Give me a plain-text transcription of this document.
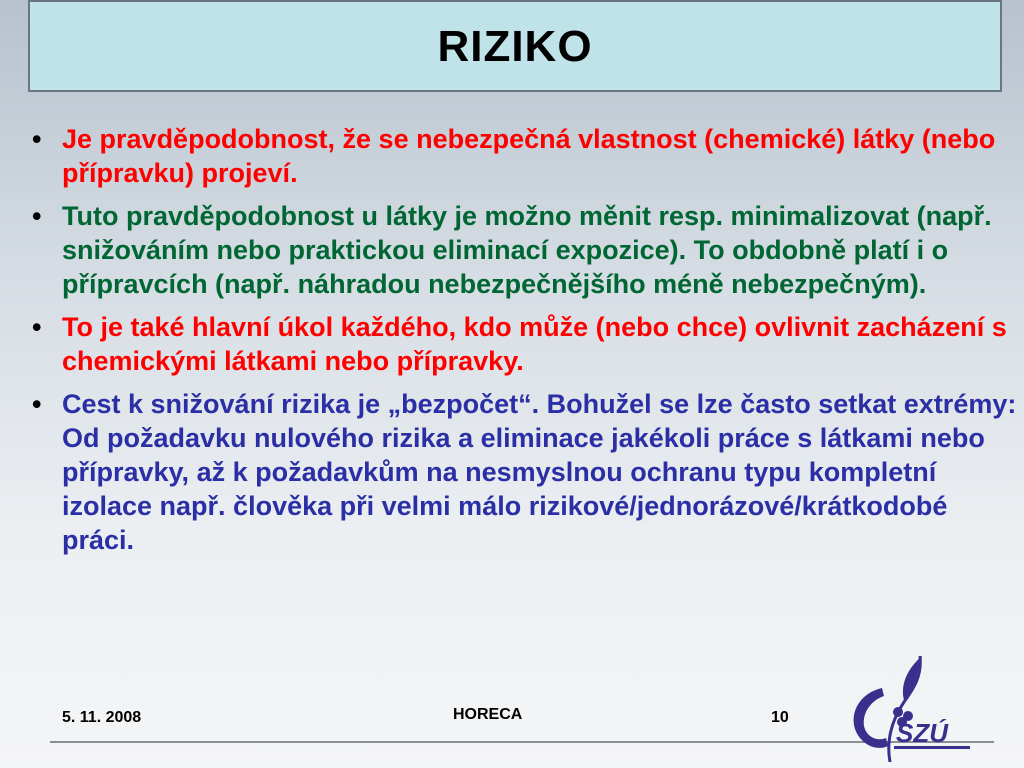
RIZIKO
• Je pravděpodobnost, že se nebezpečná vlastnost (chemické) látky (nebo přípravku) projeví.
• Tuto pravděpodobnost u látky je možno měnit resp. minimalizovat (např. snižováním nebo praktickou eliminací expozice). To obdobně platí i o přípravcích (např. náhradou nebezpečnějšího méně nebezpečným).
• To je také hlavní úkol každého, kdo může (nebo chce) ovlivnit zacházení s chemickými látkami nebo přípravky.
• Cest k snižování rizika je „bezpočet“. Bohužel se lze často setkat extrémy: Od požadavku nulového rizika a eliminace jakékoli práce s látkami nebo přípravky, až k požadavkům na nesmyslnou ochranu typu kompletní izolace např. člověka při velmi málo rizikové/jednorázové/krátkodobé práci.
5. 11. 2008	HORECA	10
SZÚ
